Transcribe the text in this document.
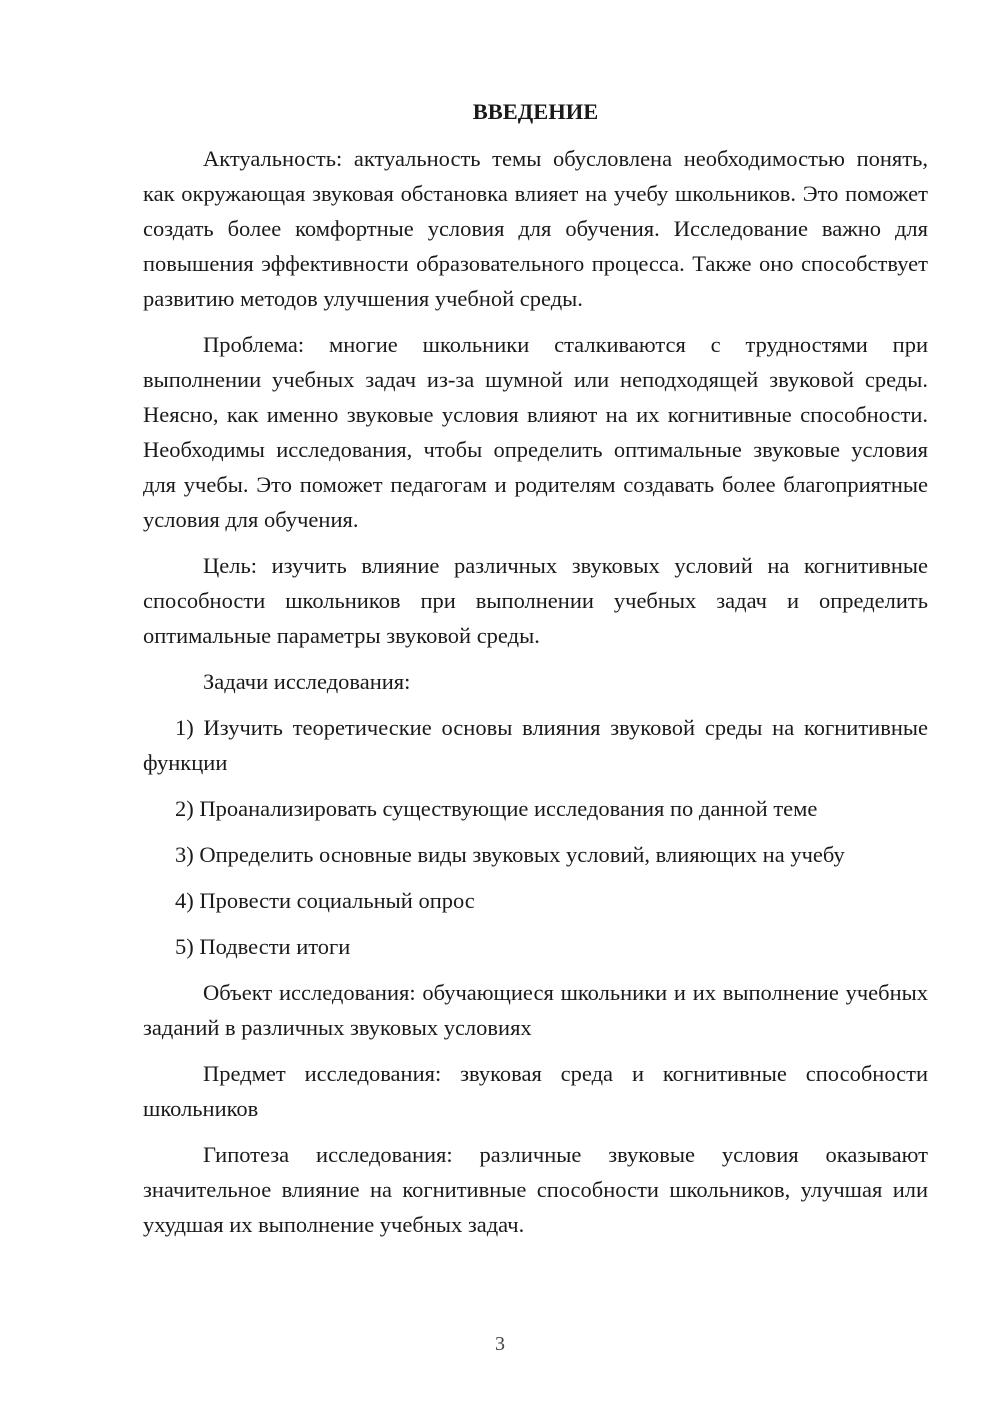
ВВЕДЕНИЕ

Актуальность: актуальность темы обусловлена необходимостью понять, как окружающая звуковая обстановка влияет на учебу школьников. Это поможет создать более комфортные условия для обучения. Исследование важно для повышения эффективности образовательного процесса. Также оно способствует развитию методов улучшения учебной среды.

Проблема: многие школьники сталкиваются с трудностями при выполнении учебных задач из-за шумной или неподходящей звуковой среды. Неясно, как именно звуковые условия влияют на их когнитивные способности. Необходимы исследования, чтобы определить оптимальные звуковые условия для учебы. Это поможет педагогам и родителям создавать более благоприятные условия для обучения.

Цель: изучить влияние различных звуковых условий на когнитивные способности школьников при выполнении учебных задач и определить оптимальные параметры звуковой среды.

Задачи исследования:

1) Изучить теоретические основы влияния звуковой среды на когнитивные функции

2) Проанализировать существующие исследования по данной теме

3) Определить основные виды звуковых условий, влияющих на учебу

4) Провести социальный опрос

5) Подвести итоги

Объект исследования: обучающиеся школьники и их выполнение учебных заданий в различных звуковых условиях

Предмет исследования: звуковая среда и когнитивные способности школьников

Гипотеза исследования: различные звуковые условия оказывают значительное влияние на когнитивные способности школьников, улучшая или ухудшая их выполнение учебных задач.

3
